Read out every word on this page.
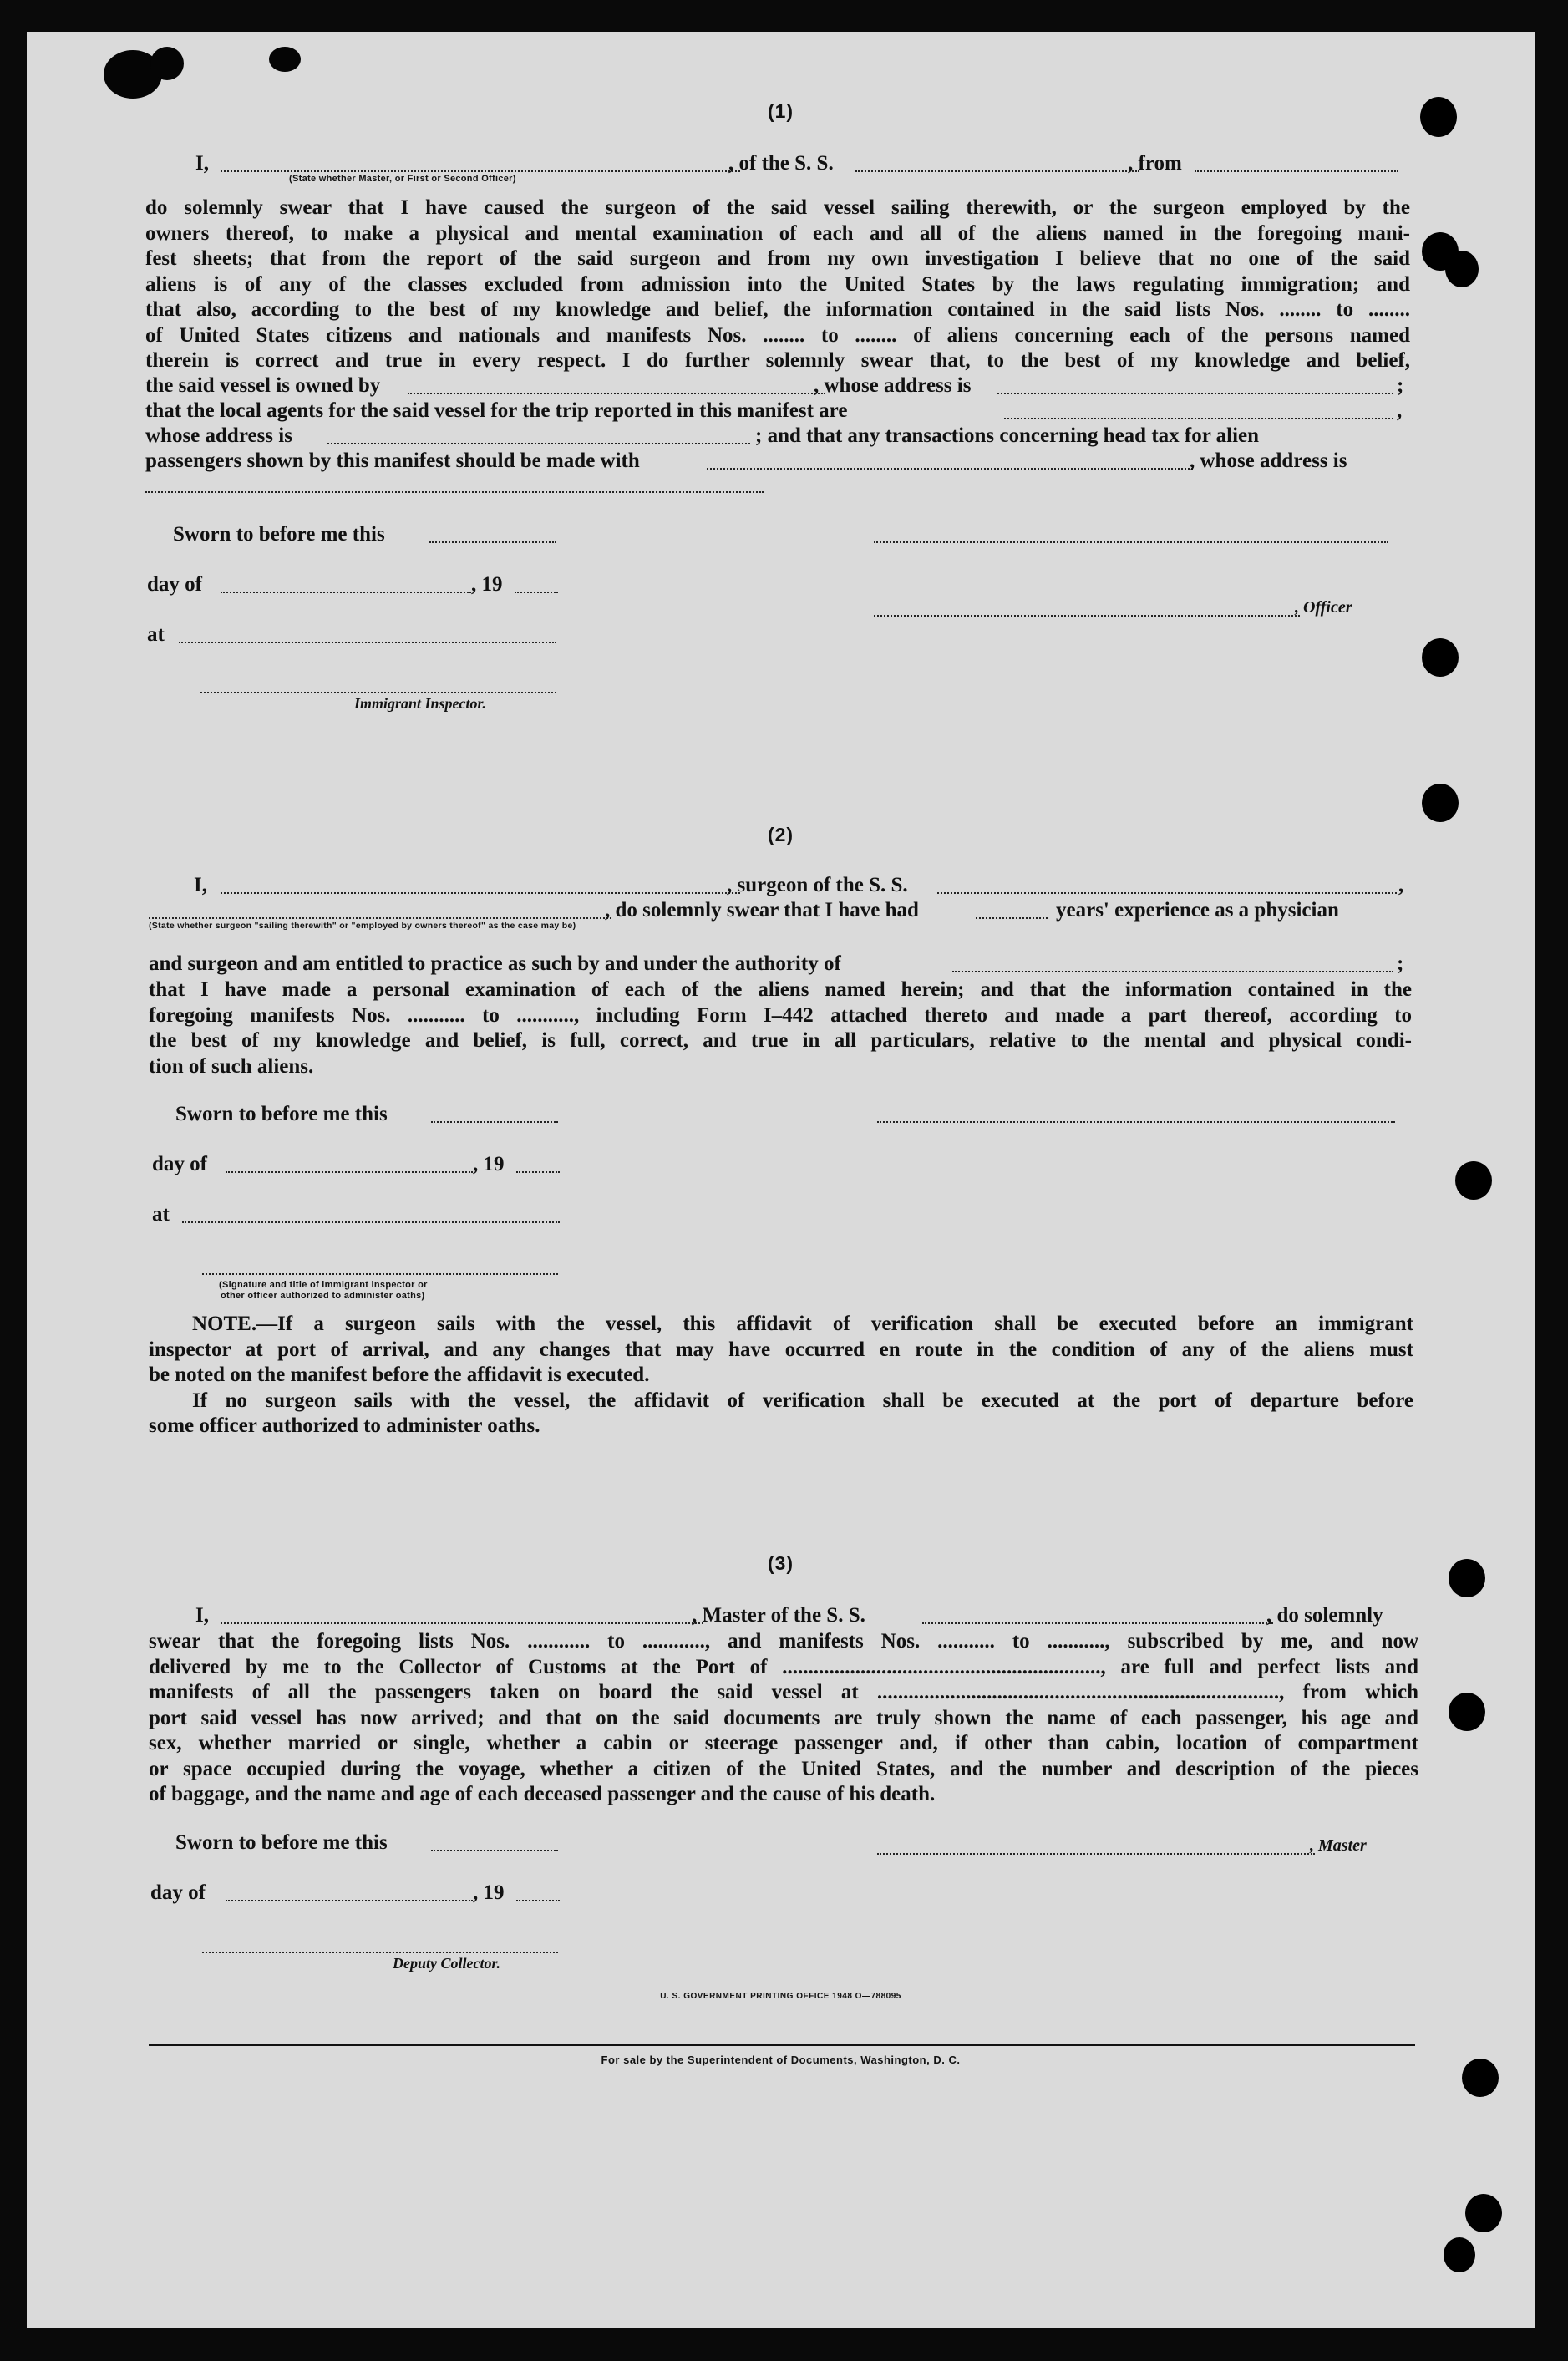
(1)
I,	, of the S. S.	, from
(State whether Master, or First or Second Officer)
do solemnly swear that I have caused the surgeon of the said vessel sailing therewith, or the surgeon employed by the
owners thereof, to make a physical and mental examination of each and all of the aliens named in the foregoing mani-
fest sheets; that from the report of the said surgeon and from my own investigation I believe that no one of the said
aliens is of any of the classes excluded from admission into the United States by the laws regulating immigration; and
that also, according to the best of my knowledge and belief, the information contained in the said lists Nos. ........ to ........
of United States citizens and nationals and manifests Nos. ........ to ........ of aliens concerning each of the persons named
therein is correct and true in every respect. I do further solemnly swear that, to the best of my knowledge and belief,
the said vessel is owned by	, whose address is	;
that the local agents for the said vessel for the trip reported in this manifest are	,
whose address is	; and that any transactions concerning head tax for alien
passengers shown by this manifest should be made with	, whose address is
Sworn to before me this
day of	, 19
, Officer
at
Immigrant Inspector.
(2)
I,	, surgeon of the S. S.	,
, do solemnly swear that I have had	years' experience as a physician
(State whether surgeon "sailing therewith" or "employed by owners thereof" as the case may be)
and surgeon and am entitled to practice as such by and under the authority of	;
that I have made a personal examination of each of the aliens named herein; and that the information contained in the
foregoing manifests Nos. ........... to ..........., including Form I–442 attached thereto and made a part thereof, according to
the best of my knowledge and belief, is full, correct, and true in all particulars, relative to the mental and physical condi-
tion of such aliens.
Sworn to before me this
day of	, 19
at
(Signature and title of immigrant inspector or
other officer authorized to administer oaths)
NOTE.—If a surgeon sails with the vessel, this affidavit of verification shall be executed before an immigrant
inspector at port of arrival, and any changes that may have occurred en route in the condition of any of the aliens must
be noted on the manifest before the affidavit is executed.
If no surgeon sails with the vessel, the affidavit of verification shall be executed at the port of departure before
some officer authorized to administer oaths.
(3)
I,	, Master of the S. S.	, do solemnly
swear that the foregoing lists Nos. ............ to ............, and manifests Nos. ........... to ..........., subscribed by me, and now
delivered by me to the Collector of Customs at the Port of ............................................................., are full and perfect lists and
manifests of all the passengers taken on board the said vessel at ............................................................................., from which
port said vessel has now arrived; and that on the said documents are truly shown the name of each passenger, his age and
sex, whether married or single, whether a cabin or steerage passenger and, if other than cabin, location of compartment
or space occupied during the voyage, whether a citizen of the United States, and the number and description of the pieces
of baggage, and the name and age of each deceased passenger and the cause of his death.
Sworn to before me this	, Master
day of	, 19
Deputy Collector.
U. S. GOVERNMENT PRINTING OFFICE 1948 O—788095
For sale by the Superintendent of Documents, Washington, D. C.
